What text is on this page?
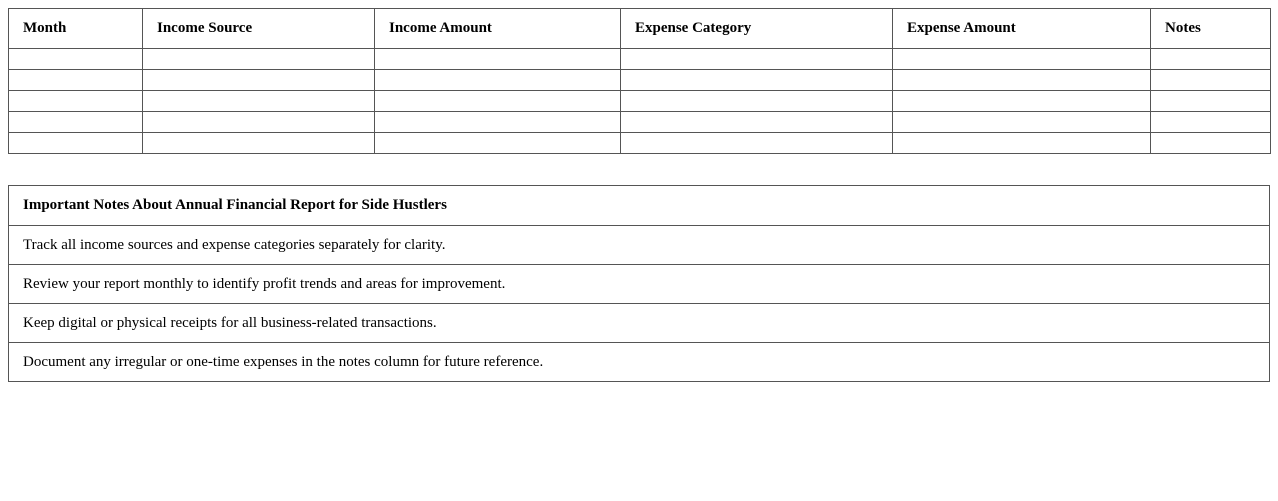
Month	Income Source	Income Amount	Expense Category	Expense Amount	Notes

Important Notes About Annual Financial Report for Side Hustlers
Track all income sources and expense categories separately for clarity.
Review your report monthly to identify profit trends and areas for improvement.
Keep digital or physical receipts for all business-related transactions.
Document any irregular or one-time expenses in the notes column for future reference.
